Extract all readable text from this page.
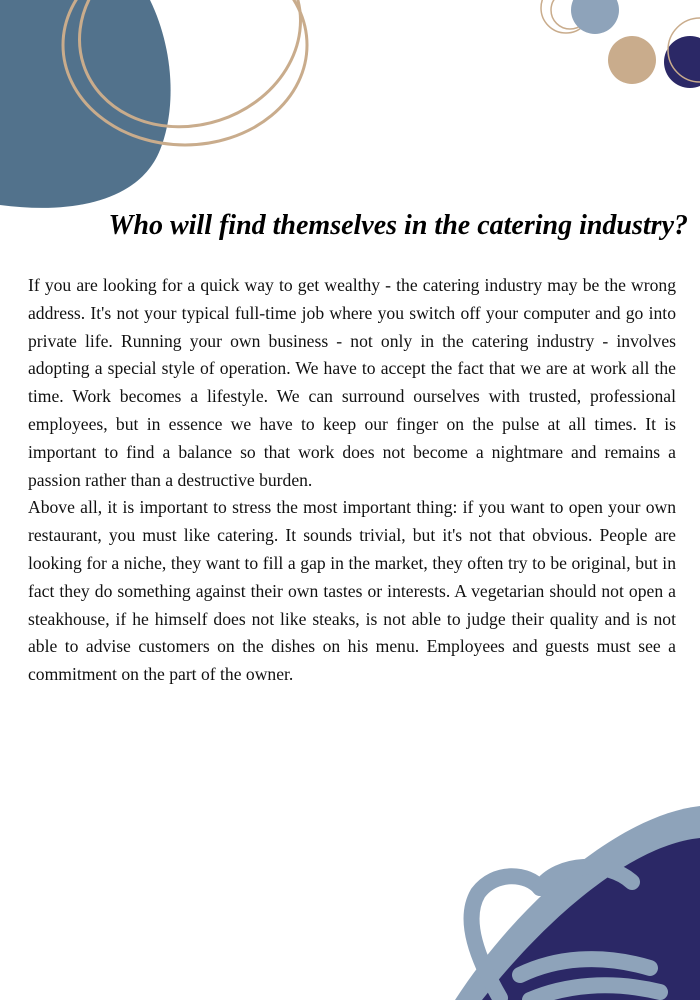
Who will find themselves in the catering industry?

If you are looking for a quick way to get wealthy - the catering industry may be the wrong address. It's not your typical full-time job where you switch off your computer and go into private life. Running your own business - not only in the catering industry - involves adopting a special style of operation. We have to accept the fact that we are at work all the time. Work becomes a lifestyle. We can surround ourselves with trusted, professional employees, but in essence we have to keep our finger on the pulse at all times. It is important to find a balance so that work does not become a nightmare and remains a passion rather than a destructive burden.

Above all, it is important to stress the most important thing: if you want to open your own restaurant, you must like catering. It sounds trivial, but it's not that obvious. People are looking for a niche, they want to fill a gap in the market, they often try to be original, but in fact they do something against their own tastes or interests. A vegetarian should not open a steakhouse, if he himself does not like steaks, is not able to judge their quality and is not able to advise customers on the dishes on his menu. Employees and guests must see a commitment on the part of the owner.
